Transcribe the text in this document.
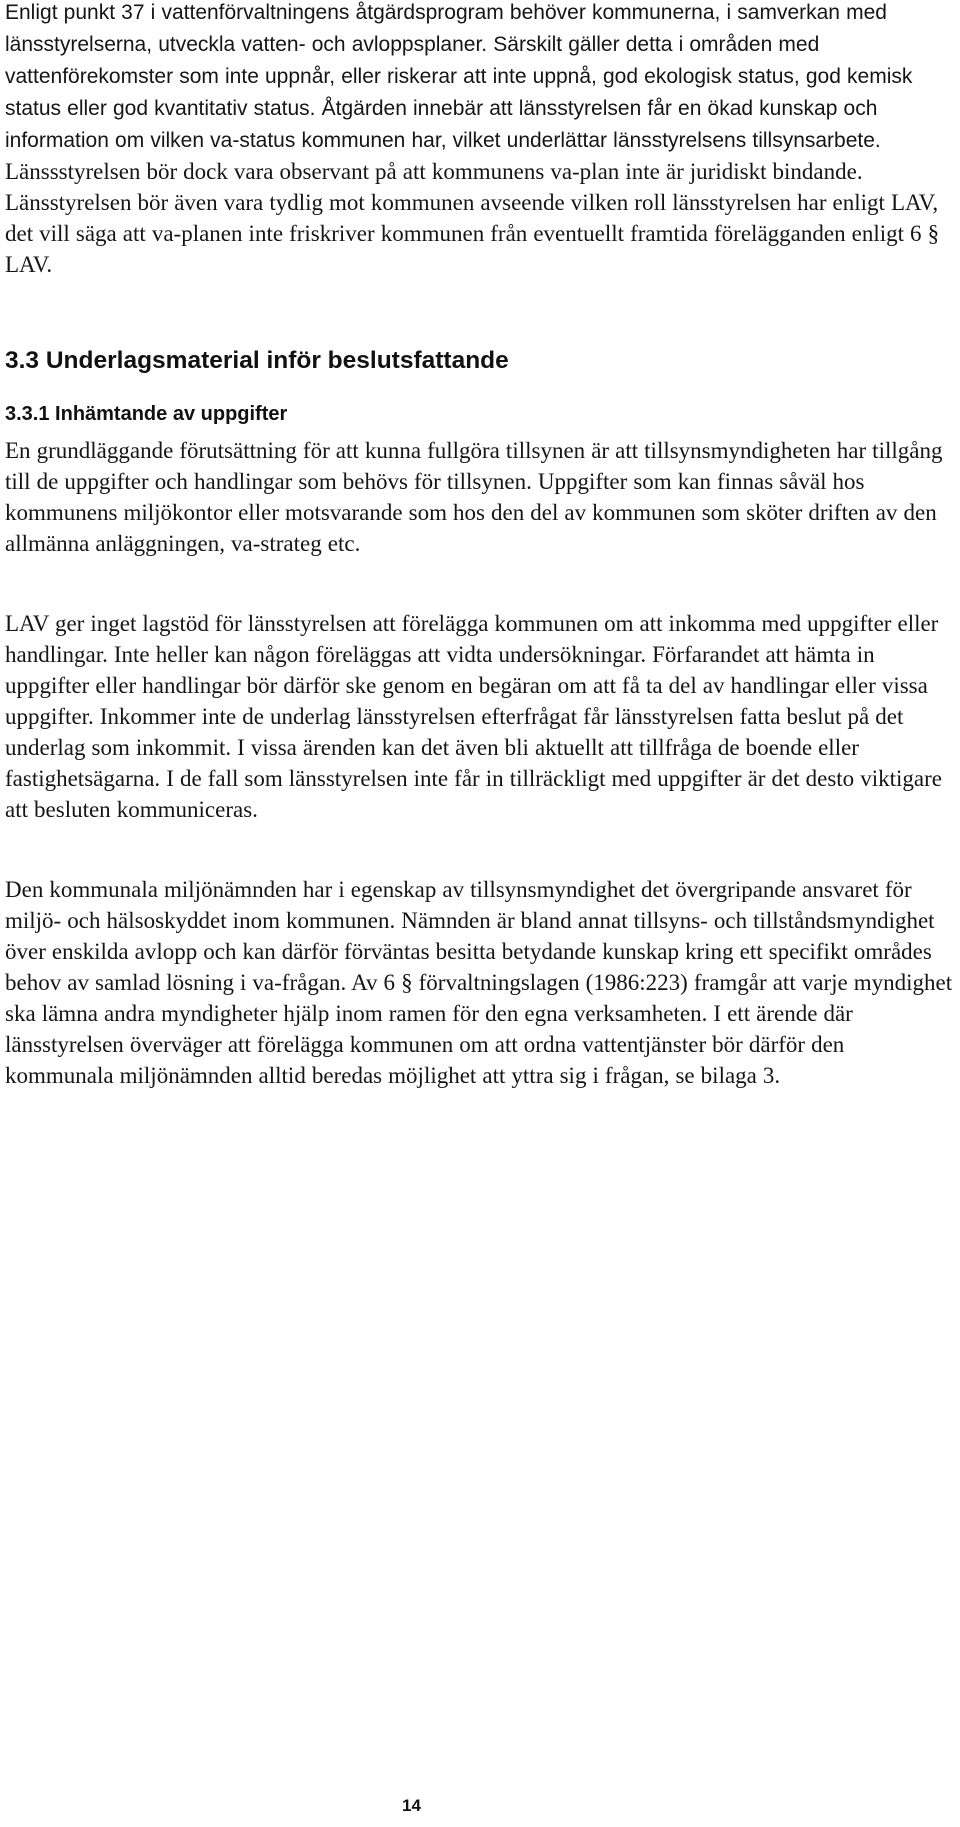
Enligt punkt 37 i vattenförvaltningens åtgärdsprogram behöver kommunerna, i samverkan med länsstyrelserna, utveckla vatten- och avloppsplaner. Särskilt gäller detta i områden med vattenförekomster som inte uppnår, eller riskerar att inte uppnå, god ekologisk status, god kemisk status eller god kvantitativ status. Åtgärden innebär att länsstyrelsen får en ökad kunskap och information om vilken va-status kommunen har, vilket underlättar länsstyrelsens tillsynsarbete. Länssstyrelsen bör dock vara observant på att kommunens va-plan inte är juridiskt bindande. Länsstyrelsen bör även vara tydlig mot kommunen avseende vilken roll länsstyrelsen har enligt LAV, det vill säga att va-planen inte friskriver kommunen från eventuellt framtida förelägganden enligt 6 § LAV.

3.3 Underlagsmaterial inför beslutsfattande
3.3.1 Inhämtande av uppgifter

En grundläggande förutsättning för att kunna fullgöra tillsynen är att tillsynsmyndigheten har tillgång till de uppgifter och handlingar som behövs för tillsynen. Uppgifter som kan finnas såväl hos kommunens miljökontor eller motsvarande som hos den del av kommunen som sköter driften av den allmänna anläggningen, va-strateg etc.

LAV ger inget lagstöd för länsstyrelsen att förelägga kommunen om att inkomma med uppgifter eller handlingar. Inte heller kan någon föreläggas att vidta undersökningar. Förfarandet att hämta in uppgifter eller handlingar bör därför ske genom en begäran om att få ta del av handlingar eller vissa uppgifter. Inkommer inte de underlag länsstyrelsen efterfrågat får länsstyrelsen fatta beslut på det underlag som inkommit. I vissa ärenden kan det även bli aktuellt att tillfråga de boende eller fastighetsägarna. I de fall som länsstyrelsen inte får in tillräckligt med uppgifter är det desto viktigare att besluten kommuniceras.

Den kommunala miljönämnden har i egenskap av tillsynsmyndighet det övergripande ansvaret för miljö- och hälsoskyddet inom kommunen. Nämnden är bland annat tillsyns- och tillståndsmyndighet över enskilda avlopp och kan därför förväntas besitta betydande kunskap kring ett specifikt områdes behov av samlad lösning i va-frågan. Av 6 § förvaltningslagen (1986:223) framgår att varje myndighet ska lämna andra myndigheter hjälp inom ramen för den egna verksamheten. I ett ärende där länsstyrelsen överväger att förelägga kommunen om att ordna vattentjänster bör därför den kommunala miljönämnden alltid beredas möjlighet att yttra sig i frågan, se bilaga 3.

14
